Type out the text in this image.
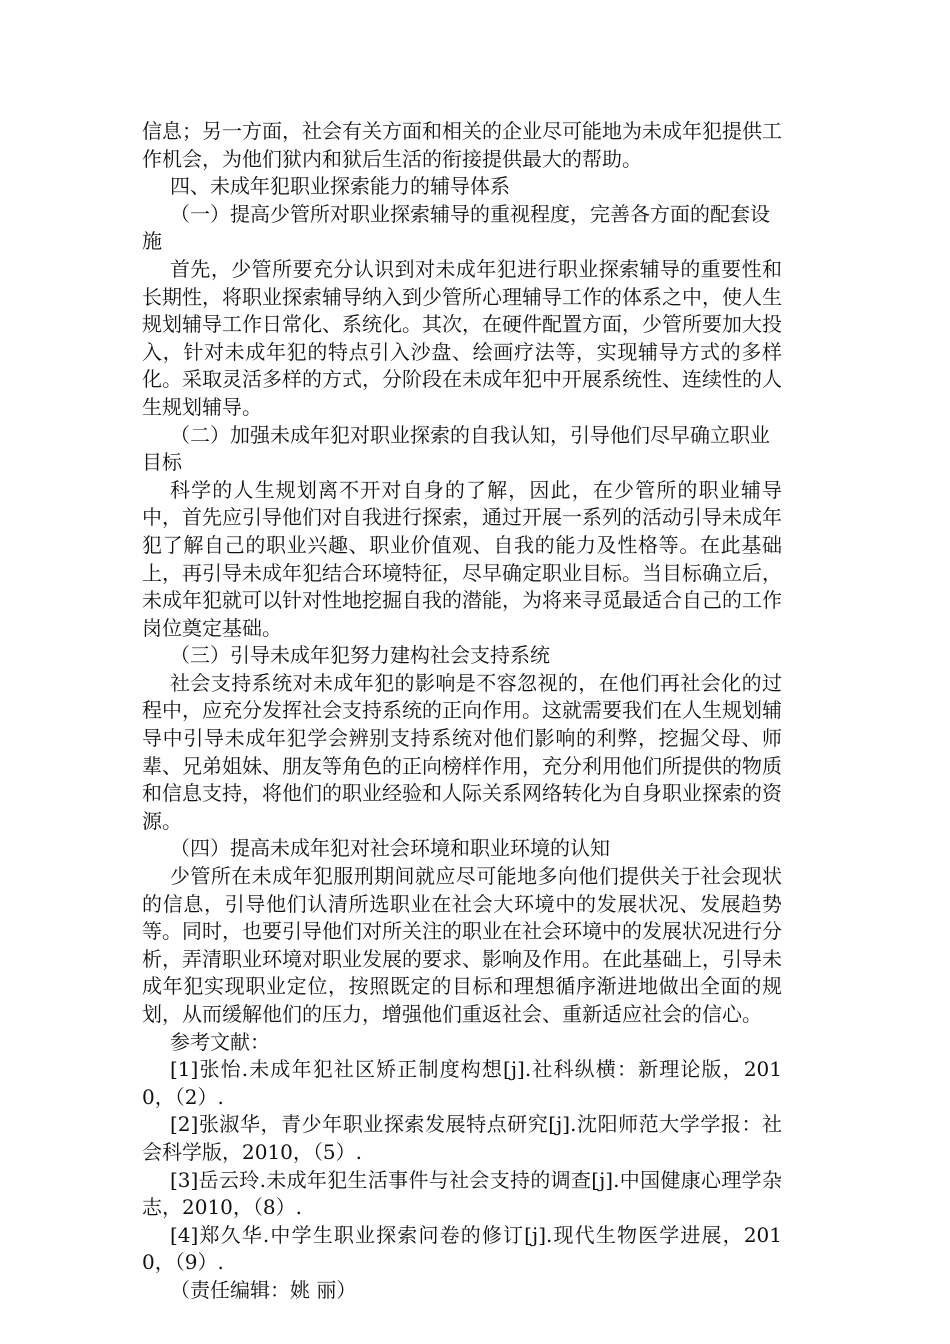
信息；另一方面，社会有关方面和相关的企业尽可能地为未成年犯提供工作机会，为他们狱内和狱后生活的衔接提供最大的帮助。

四、未成年犯职业探索能力的辅导体系

（一）提高少管所对职业探索辅导的重视程度，完善各方面的配套设施

首先，少管所要充分认识到对未成年犯进行职业探索辅导的重要性和长期性，将职业探索辅导纳入到少管所心理辅导工作的体系之中，使人生规划辅导工作日常化、系统化。其次，在硬件配置方面，少管所要加大投入，针对未成年犯的特点引入沙盘、绘画疗法等，实现辅导方式的多样化。采取灵活多样的方式，分阶段在未成年犯中开展系统性、连续性的人生规划辅导。

（二）加强未成年犯对职业探索的自我认知，引导他们尽早确立职业目标

科学的人生规划离不开对自身的了解，因此，在少管所的职业辅导中，首先应引导他们对自我进行探索，通过开展一系列的活动引导未成年犯了解自己的职业兴趣、职业价值观、自我的能力及性格等。在此基础上，再引导未成年犯结合环境特征，尽早确定职业目标。当目标确立后，未成年犯就可以针对性地挖掘自我的潜能，为将来寻觅最适合自己的工作岗位奠定基础。

（三）引导未成年犯努力建构社会支持系统

社会支持系统对未成年犯的影响是不容忽视的，在他们再社会化的过程中，应充分发挥社会支持系统的正向作用。这就需要我们在人生规划辅导中引导未成年犯学会辨别支持系统对他们影响的利弊，挖掘父母、师辈、兄弟姐妹、朋友等角色的正向榜样作用，充分利用他们所提供的物质和信息支持，将他们的职业经验和人际关系网络转化为自身职业探索的资源。

（四）提高未成年犯对社会环境和职业环境的认知

少管所在未成年犯服刑期间就应尽可能地多向他们提供关于社会现状的信息，引导他们认清所选职业在社会大环境中的发展状况、发展趋势等。同时，也要引导他们对所关注的职业在社会环境中的发展状况进行分析，弄清职业环境对职业发展的要求、影响及作用。在此基础上，引导未成年犯实现职业定位，按照既定的目标和理想循序渐进地做出全面的规划，从而缓解他们的压力，增强他们重返社会、重新适应社会的信心。

参考文献：

[1]张怡.未成年犯社区矫正制度构想[j].社科纵横：新理论版，2010，（2）.

[2]张淑华，青少年职业探索发展特点研究[j].沈阳师范大学学报：社会科学版，2010，（5）.

[3]岳云玲.未成年犯生活事件与社会支持的调查[j].中国健康心理学杂志，2010，（8）.

[4]郑久华.中学生职业探索问卷的修订[j].现代生物医学进展，2010，（9）.

（责任编辑：姚 丽）
